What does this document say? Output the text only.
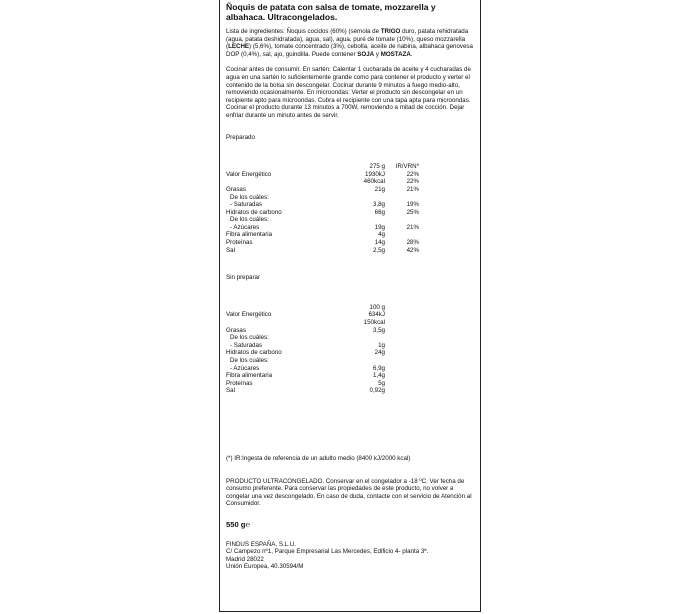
Ñoquis de patata con salsa de tomate, mozzarella y albahaca. Ultracongelados.

Lista de ingredientes: Ñoquis cocidos (60%) (sémola de TRIGO duro, patata rehidratada (agua, patata deshidratada), agua, sal), agua, puré de tomate (10%), queso mozzarella (LECHE) (5,6%), tomate concentrado (3%), cebolla, aceite de nabina, albahaca genovesa DOP (0,4%), sal, ajo, guindilla. Puede contener SOJA y MOSTAZA.

Cocinar antes de consumir. En sartén: Calentar 1 cucharada de aceite y 4 cucharadas de agua en una sartén lo suficientemente grande como para contener el producto y verter el contenido de la bolsa sin descongelar. Cocinar durante 9 minutos a fuego medio-alto, removiendo ocasionalmente. En microondas: Verter el producto sin descongelar en un recipiente apto para microondas. Cubra el recipiente con una tapa apta para microondas. Cocinar el producto durante 13 minutos a 700W, removiendo a mitad de cocción. Dejar enfriar durante un minuto antes de servir.

Preparado

	275 g	IR/VRN*
Valor Energético	1930kJ	22%
	460kcal	22%
Grasas	21g	21%
De los cuáles:		
- Saturadas	3,8g	19%
Hidratos de carbono	66g	25%
De los cuáles:		
- Azúcares	19g	21%
Fibra alimentaria	4g	
Proteínas	14g	28%
Sal	2,5g	42%

Sin preparar

	100 g	
Valor Energético	634kJ	
	150kcal	
Grasas	3,5g	
De los cuáles:		
- Saturadas	1g	
Hidratos de carbono	24g	
De los cuáles:		
- Azúcares	6,9g	
Fibra alimentaria	1,4g	
Proteínas	5g	
Sal	0,92g	

(*) IR:Ingesta de referencia de un adulto medio (8400 kJ/2000 kcal)

PRODUCTO ULTRACONGELADO. Conservar en el congelador a -18 ºC. Ver fecha de consumo preferente. Para conservar las propiedades de este producto, no volver a congelar una vez descongelado. En caso de duda, contacte con el servicio de Atención al Consumidor.

550 g℮

FINDUS ESPAÑA, S.L.U.

C/ Campezo nº1, Parque Empresarial Las Mercedes, Edificio 4- planta 3ª.

Madrid 28022

Unión Europea, 40.30594/M
